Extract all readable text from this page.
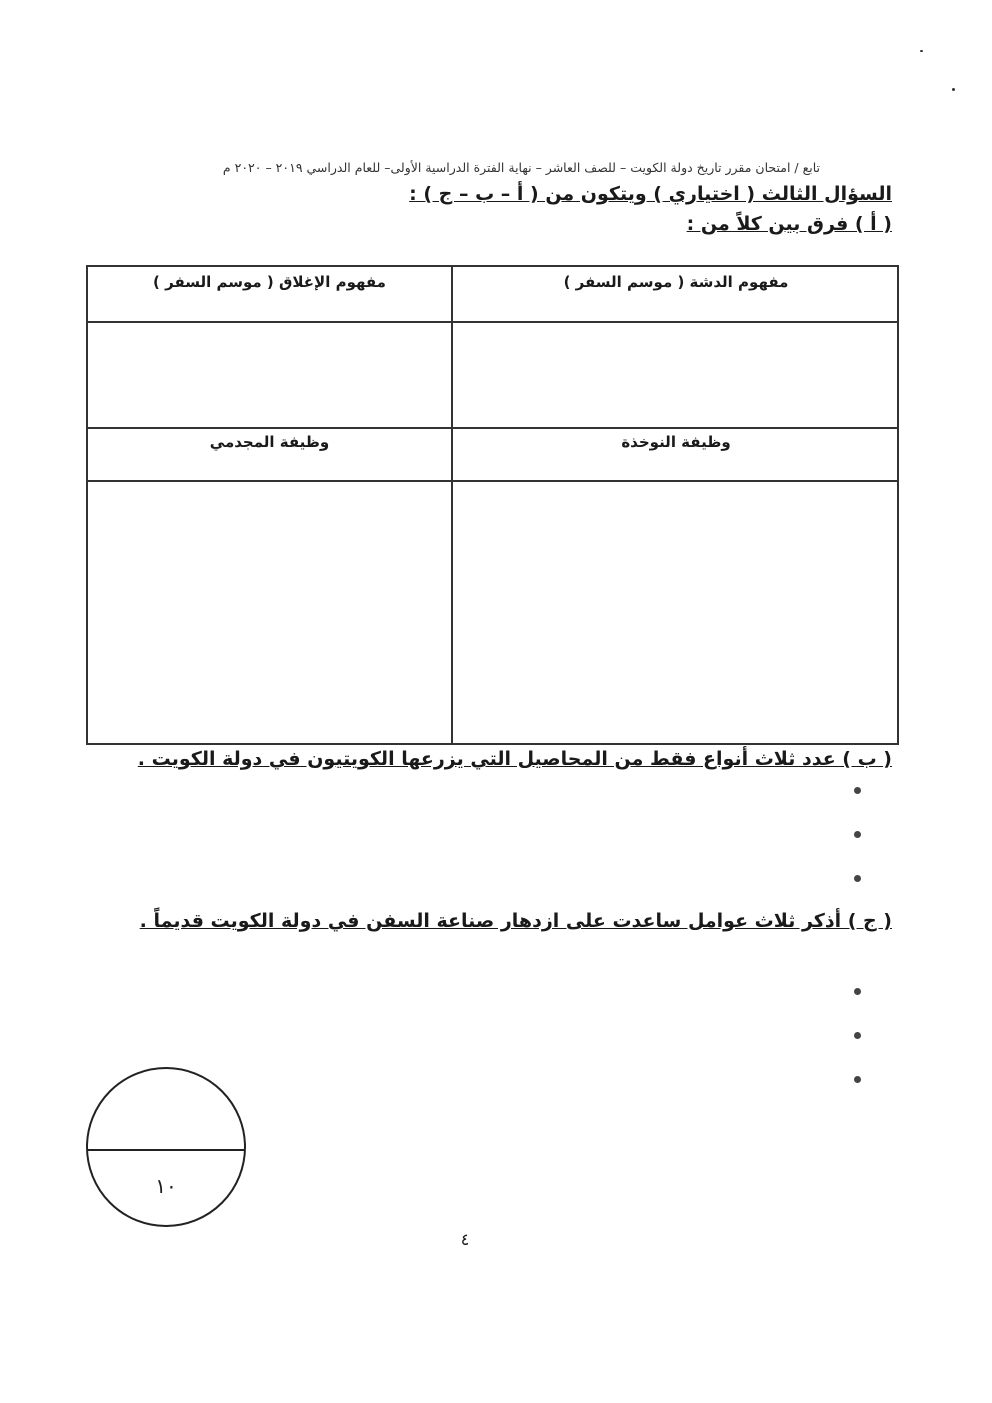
تابع / امتحان مقرر تاريخ دولة الكويت – للصف العاشر – نهاية الفترة الدراسية الأولى– للعام الدراسي ٢٠١٩ – ٢٠٢٠ م
السؤال الثالث ( اختياري ) ويتكون من ( أ – ب – ج ) :
( أ ) فرق بين كلاً من :
مفهوم الدشة ( موسم السفر )
مفهوم الإغلاق ( موسم السفر )
وظيفة النوخذة
وظيفة المجدمي
( ب ) عدد ثلاث أنواع فقط من المحاصيل التي يزرعها الكويتيون في دولة الكويت .
( ج ) أذكر ثلاث عوامل ساعدت على ازدهار صناعة السفن في دولة الكويت قديماً .
١٠
٤
